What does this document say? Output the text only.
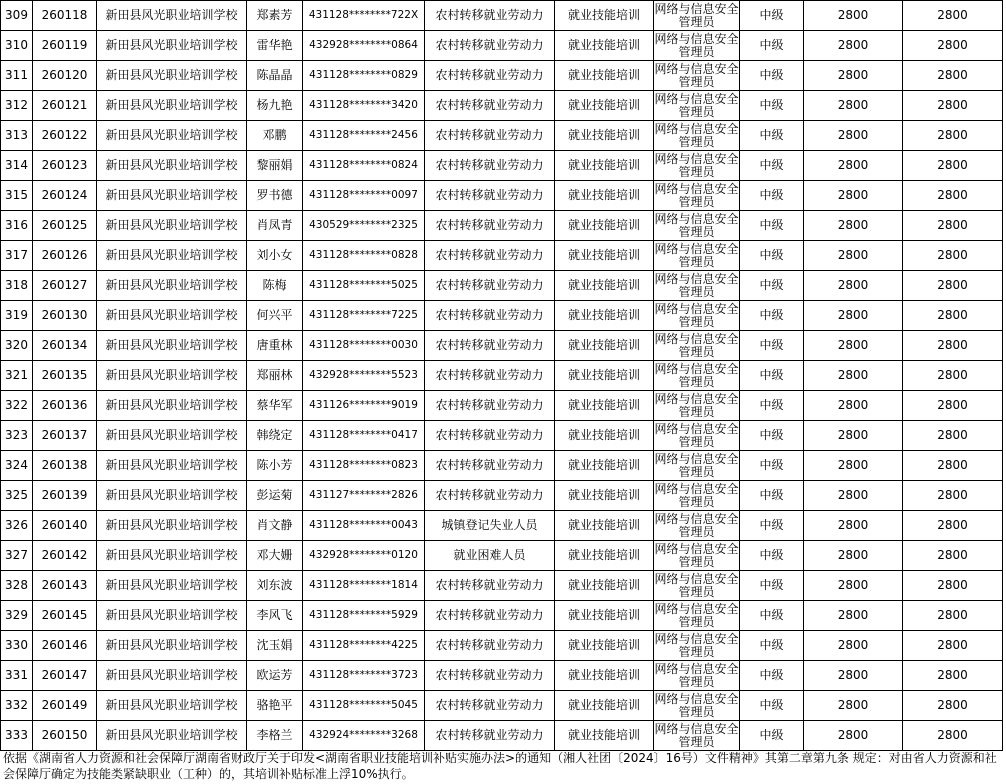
309	260118	新田县风光职业培训学校	郑素芳	431128********722X	农村转移就业劳动力	就业技能培训	网络与信息安全管理员	中级	2800	2800
310	260119	新田县风光职业培训学校	雷华艳	432928********0864	农村转移就业劳动力	就业技能培训	网络与信息安全管理员	中级	2800	2800
311	260120	新田县风光职业培训学校	陈晶晶	431128********0829	农村转移就业劳动力	就业技能培训	网络与信息安全管理员	中级	2800	2800
312	260121	新田县风光职业培训学校	杨九艳	431128********3420	农村转移就业劳动力	就业技能培训	网络与信息安全管理员	中级	2800	2800
313	260122	新田县风光职业培训学校	邓鹏	431128********2456	农村转移就业劳动力	就业技能培训	网络与信息安全管理员	中级	2800	2800
314	260123	新田县风光职业培训学校	黎丽娟	431128********0824	农村转移就业劳动力	就业技能培训	网络与信息安全管理员	中级	2800	2800
315	260124	新田县风光职业培训学校	罗书德	431128********0097	农村转移就业劳动力	就业技能培训	网络与信息安全管理员	中级	2800	2800
316	260125	新田县风光职业培训学校	肖凤青	430529********2325	农村转移就业劳动力	就业技能培训	网络与信息安全管理员	中级	2800	2800
317	260126	新田县风光职业培训学校	刘小女	431128********0828	农村转移就业劳动力	就业技能培训	网络与信息安全管理员	中级	2800	2800
318	260127	新田县风光职业培训学校	陈梅	431128********5025	农村转移就业劳动力	就业技能培训	网络与信息安全管理员	中级	2800	2800
319	260130	新田县风光职业培训学校	何兴平	431128********7225	农村转移就业劳动力	就业技能培训	网络与信息安全管理员	中级	2800	2800
320	260134	新田县风光职业培训学校	唐重林	431128********0030	农村转移就业劳动力	就业技能培训	网络与信息安全管理员	中级	2800	2800
321	260135	新田县风光职业培训学校	郑丽林	432928********5523	农村转移就业劳动力	就业技能培训	网络与信息安全管理员	中级	2800	2800
322	260136	新田县风光职业培训学校	蔡华军	431126********9019	农村转移就业劳动力	就业技能培训	网络与信息安全管理员	中级	2800	2800
323	260137	新田县风光职业培训学校	韩绕定	431128********0417	农村转移就业劳动力	就业技能培训	网络与信息安全管理员	中级	2800	2800
324	260138	新田县风光职业培训学校	陈小芳	431128********0823	农村转移就业劳动力	就业技能培训	网络与信息安全管理员	中级	2800	2800
325	260139	新田县风光职业培训学校	彭运菊	431127********2826	农村转移就业劳动力	就业技能培训	网络与信息安全管理员	中级	2800	2800
326	260140	新田县风光职业培训学校	肖文静	431128********0043	城镇登记失业人员	就业技能培训	网络与信息安全管理员	中级	2800	2800
327	260142	新田县风光职业培训学校	邓大姗	432928********0120	就业困难人员	就业技能培训	网络与信息安全管理员	中级	2800	2800
328	260143	新田县风光职业培训学校	刘东波	431128********1814	农村转移就业劳动力	就业技能培训	网络与信息安全管理员	中级	2800	2800
329	260145	新田县风光职业培训学校	李风飞	431128********5929	农村转移就业劳动力	就业技能培训	网络与信息安全管理员	中级	2800	2800
330	260146	新田县风光职业培训学校	沈玉娟	431128********4225	农村转移就业劳动力	就业技能培训	网络与信息安全管理员	中级	2800	2800
331	260147	新田县风光职业培训学校	欧运芳	431128********3723	农村转移就业劳动力	就业技能培训	网络与信息安全管理员	中级	2800	2800
332	260149	新田县风光职业培训学校	骆艳平	431128********5045	农村转移就业劳动力	就业技能培训	网络与信息安全管理员	中级	2800	2800
333	260150	新田县风光职业培训学校	李格兰	432924********3268	农村转移就业劳动力	就业技能培训	网络与信息安全管理员	中级	2800	2800
依据《湖南省人力资源和社会保障厅湖南省财政厅关于印发<湖南省职业技能培训补贴实施办法>的通知（湘人社团〔2024〕16号）文件精神》其第二章第九条 规定：对由省人力资源和社会保障厅确定为技能类紧缺职业（工种）的，其培训补贴标准上浮10%执行。
